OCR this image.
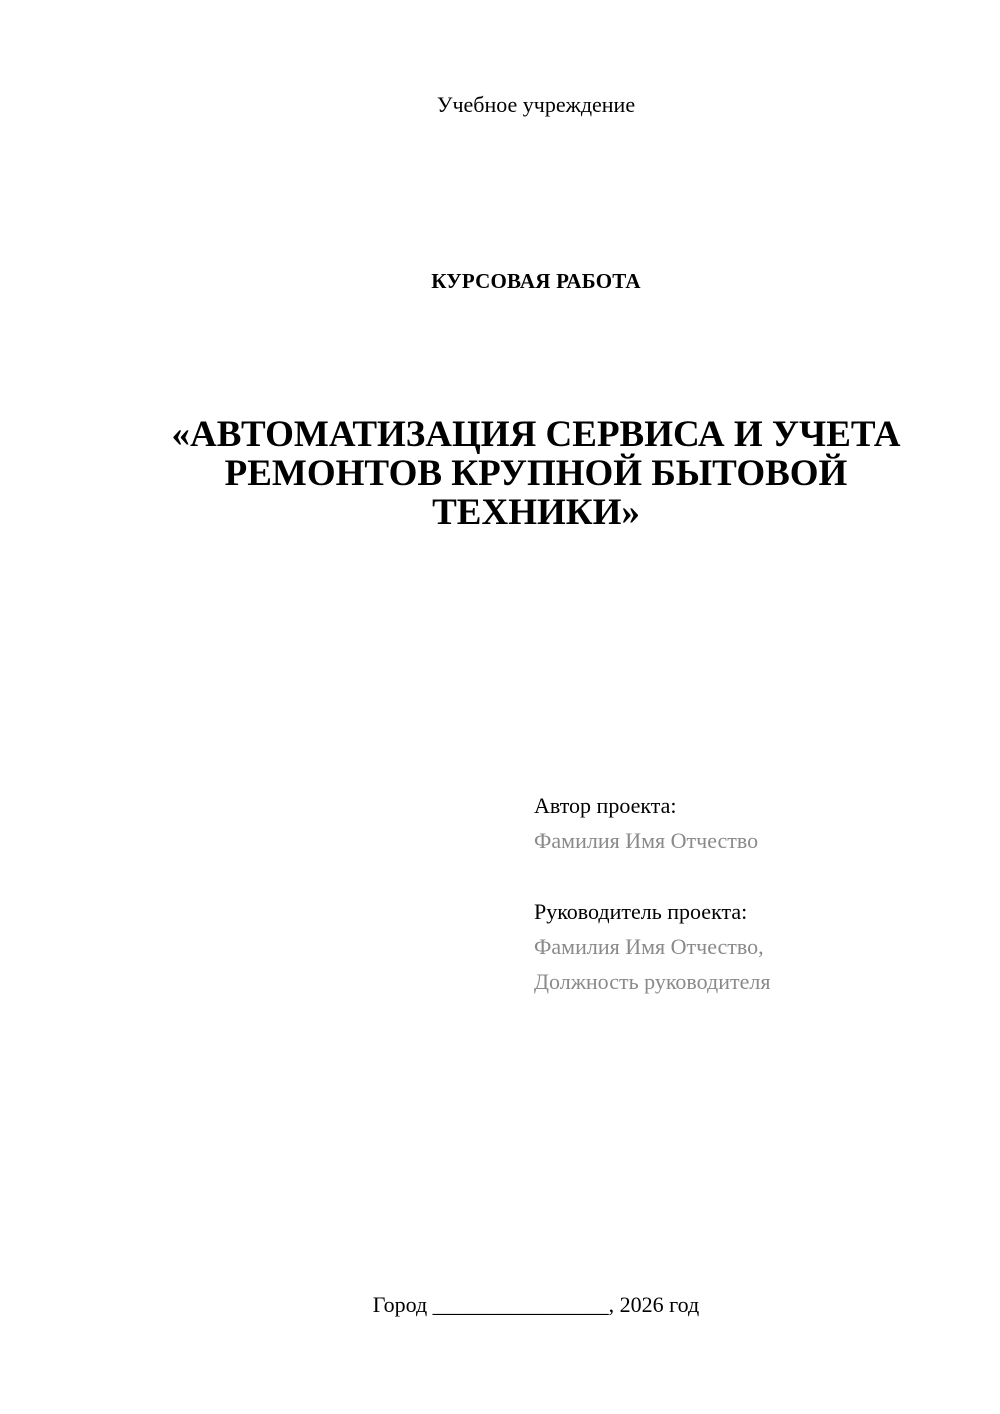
Учебное учреждение
КУРСОВАЯ РАБОТА
«АВТОМАТИЗАЦИЯ СЕРВИСА И УЧЕТА
РЕМОНТОВ КРУПНОЙ БЫТОВОЙ
ТЕХНИКИ»
Автор проекта:
Фамилия Имя Отчество
Руководитель проекта:
Фамилия Имя Отчество,
Должность руководителя
Город ________________, 2026 год
